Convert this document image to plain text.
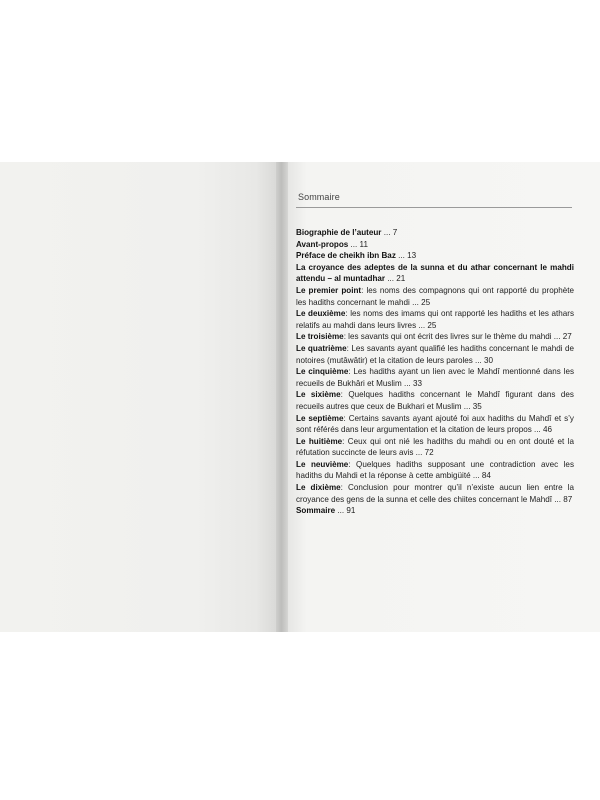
Sommaire
Biographie de l’auteur ... 7
Avant-propos ... 11
Préface de cheikh ibn Baz ... 13
La croyance des adeptes de la sunna et du athar concernant le mahdi attendu – al muntadhar ... 21
Le premier point: les noms des compagnons qui ont rapporté du prophète les hadiths concernant le mahdi ... 25
Le deuxième: les noms des imams qui ont rapporté les hadiths et les athars relatifs au mahdi dans leurs livres ... 25
Le troisième: les savants qui ont écrit des livres sur le thème du mahdi ... 27
Le quatrième: Les savants ayant qualifié les hadiths concernant le mahdi de notoires (mutâwâtir) et la citation de leurs paroles ... 30
Le cinquième: Les hadiths ayant un lien avec le Mahdî mentionné dans les recueils de Bukhâri et Muslim ... 33
Le sixième: Quelques hadiths concernant le Mahdî figurant dans des recueils autres que ceux de Bukhari et Muslim ... 35
Le septième: Certains savants ayant ajouté foi aux hadiths du Mahdî et s’y sont référés dans leur argumentation et la citation de leurs propos ... 46
Le huitième: Ceux qui ont nié les hadiths du mahdi ou en ont douté et la réfutation succincte de leurs avis ... 72
Le neuvième: Quelques hadiths supposant une contradiction avec les hadiths du Mahdi et la réponse à cette ambigüité ... 84
Le dixième: Conclusion pour montrer qu’il n’existe aucun lien entre la croyance des gens de la sunna et celle des chiites concernant le Mahdî ... 87
Sommaire ... 91
